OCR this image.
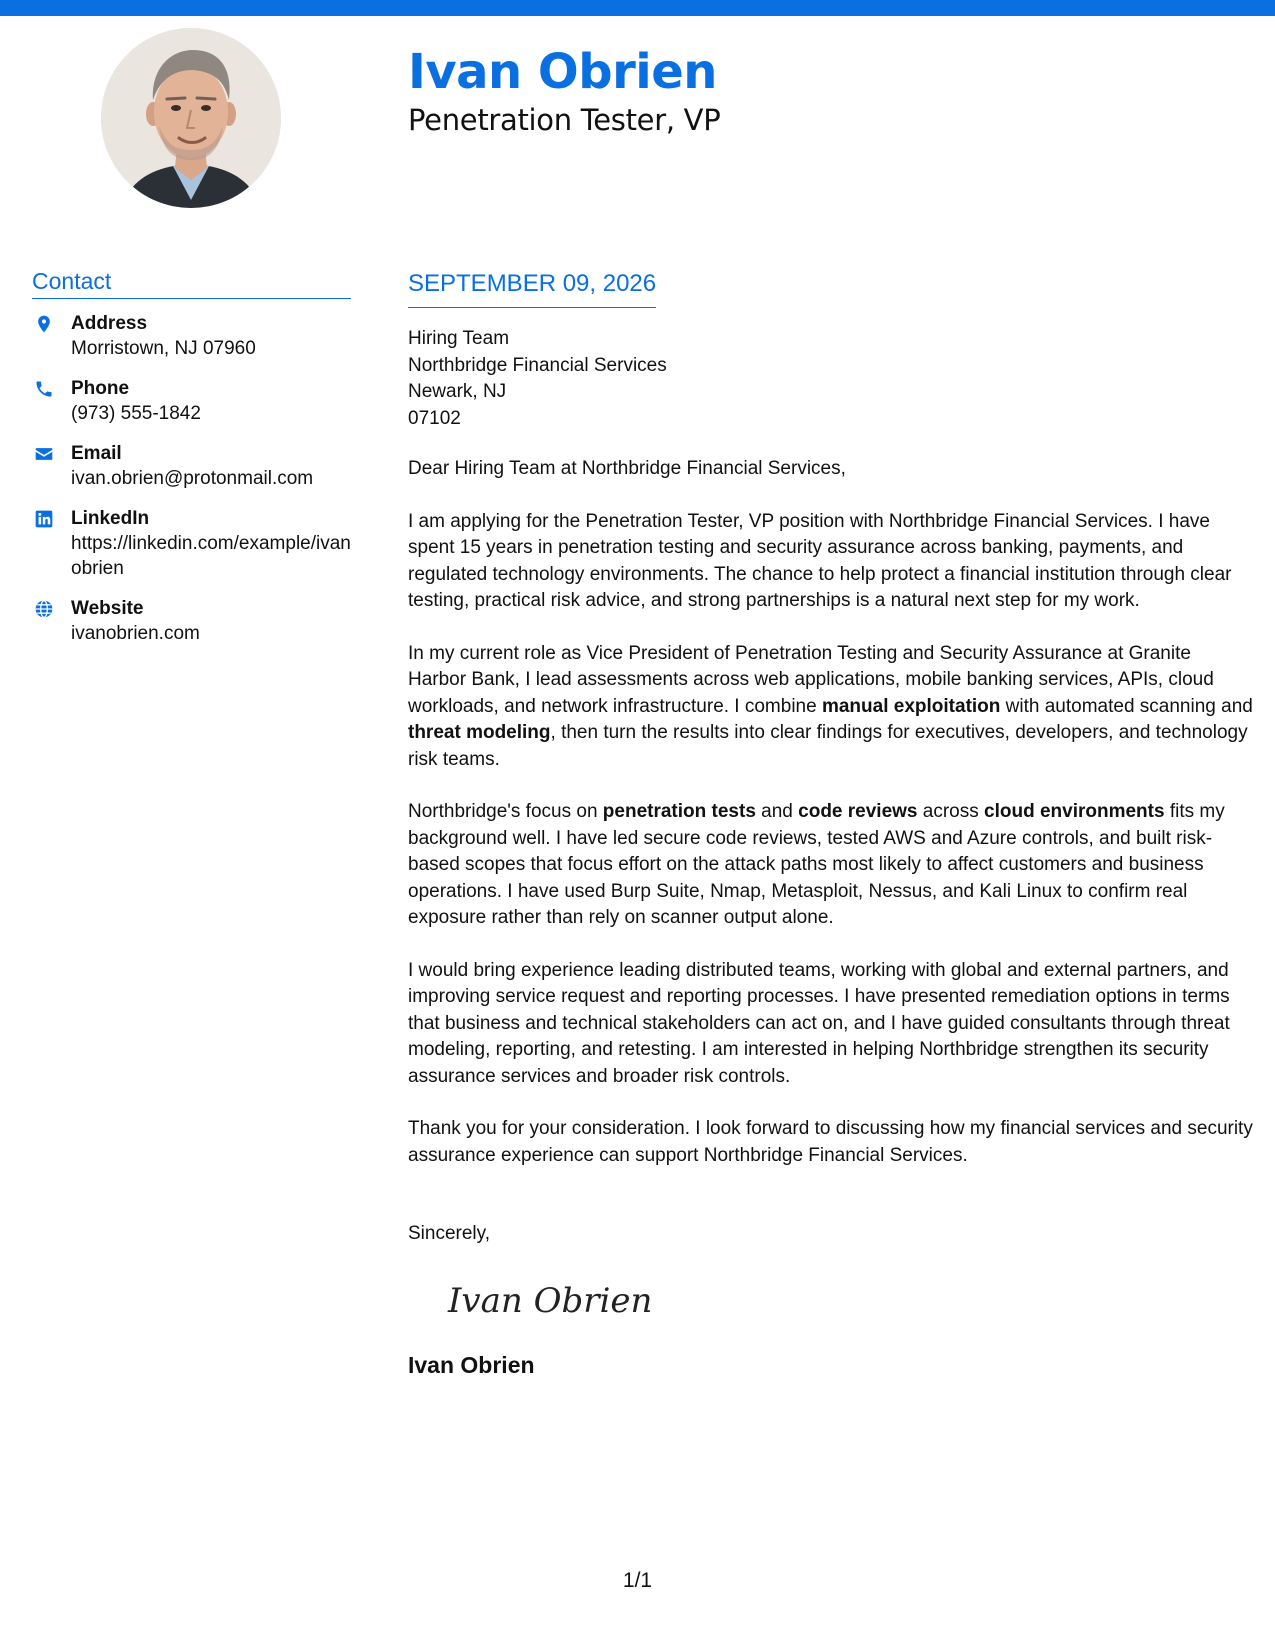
Ivan Obrien
Penetration Tester, VP
Contact
Address
Morristown, NJ 07960
Phone
(973) 555-1842
Email
ivan.obrien@protonmail.com
LinkedIn
https://linkedin.com/example/ivanobrien
Website
ivanobrien.com
SEPTEMBER 09, 2026
Hiring Team
Northbridge Financial Services
Newark, NJ
07102
Dear Hiring Team at Northbridge Financial Services,

I am applying for the Penetration Tester, VP position with Northbridge Financial Services. I have spent 15 years in penetration testing and security assurance across banking, payments, and regulated technology environments. The chance to help protect a financial institution through clear testing, practical risk advice, and strong partnerships is a natural next step for my work.

In my current role as Vice President of Penetration Testing and Security Assurance at Granite Harbor Bank, I lead assessments across web applications, mobile banking services, APIs, cloud workloads, and network infrastructure. I combine manual exploitation with automated scanning and threat modeling, then turn the results into clear findings for executives, developers, and technology risk teams.

Northbridge's focus on penetration tests and code reviews across cloud environments fits my background well. I have led secure code reviews, tested AWS and Azure controls, and built risk-based scopes that focus effort on the attack paths most likely to affect customers and business operations. I have used Burp Suite, Nmap, Metasploit, Nessus, and Kali Linux to confirm real exposure rather than rely on scanner output alone.

I would bring experience leading distributed teams, working with global and external partners, and improving service request and reporting processes. I have presented remediation options in terms that business and technical stakeholders can act on, and I have guided consultants through threat modeling, reporting, and retesting. I am interested in helping Northbridge strengthen its security assurance services and broader risk controls.

Thank you for your consideration. I look forward to discussing how my financial services and security assurance experience can support Northbridge Financial Services.

Sincerely,
Ivan Obrien
Ivan Obrien
1/1
